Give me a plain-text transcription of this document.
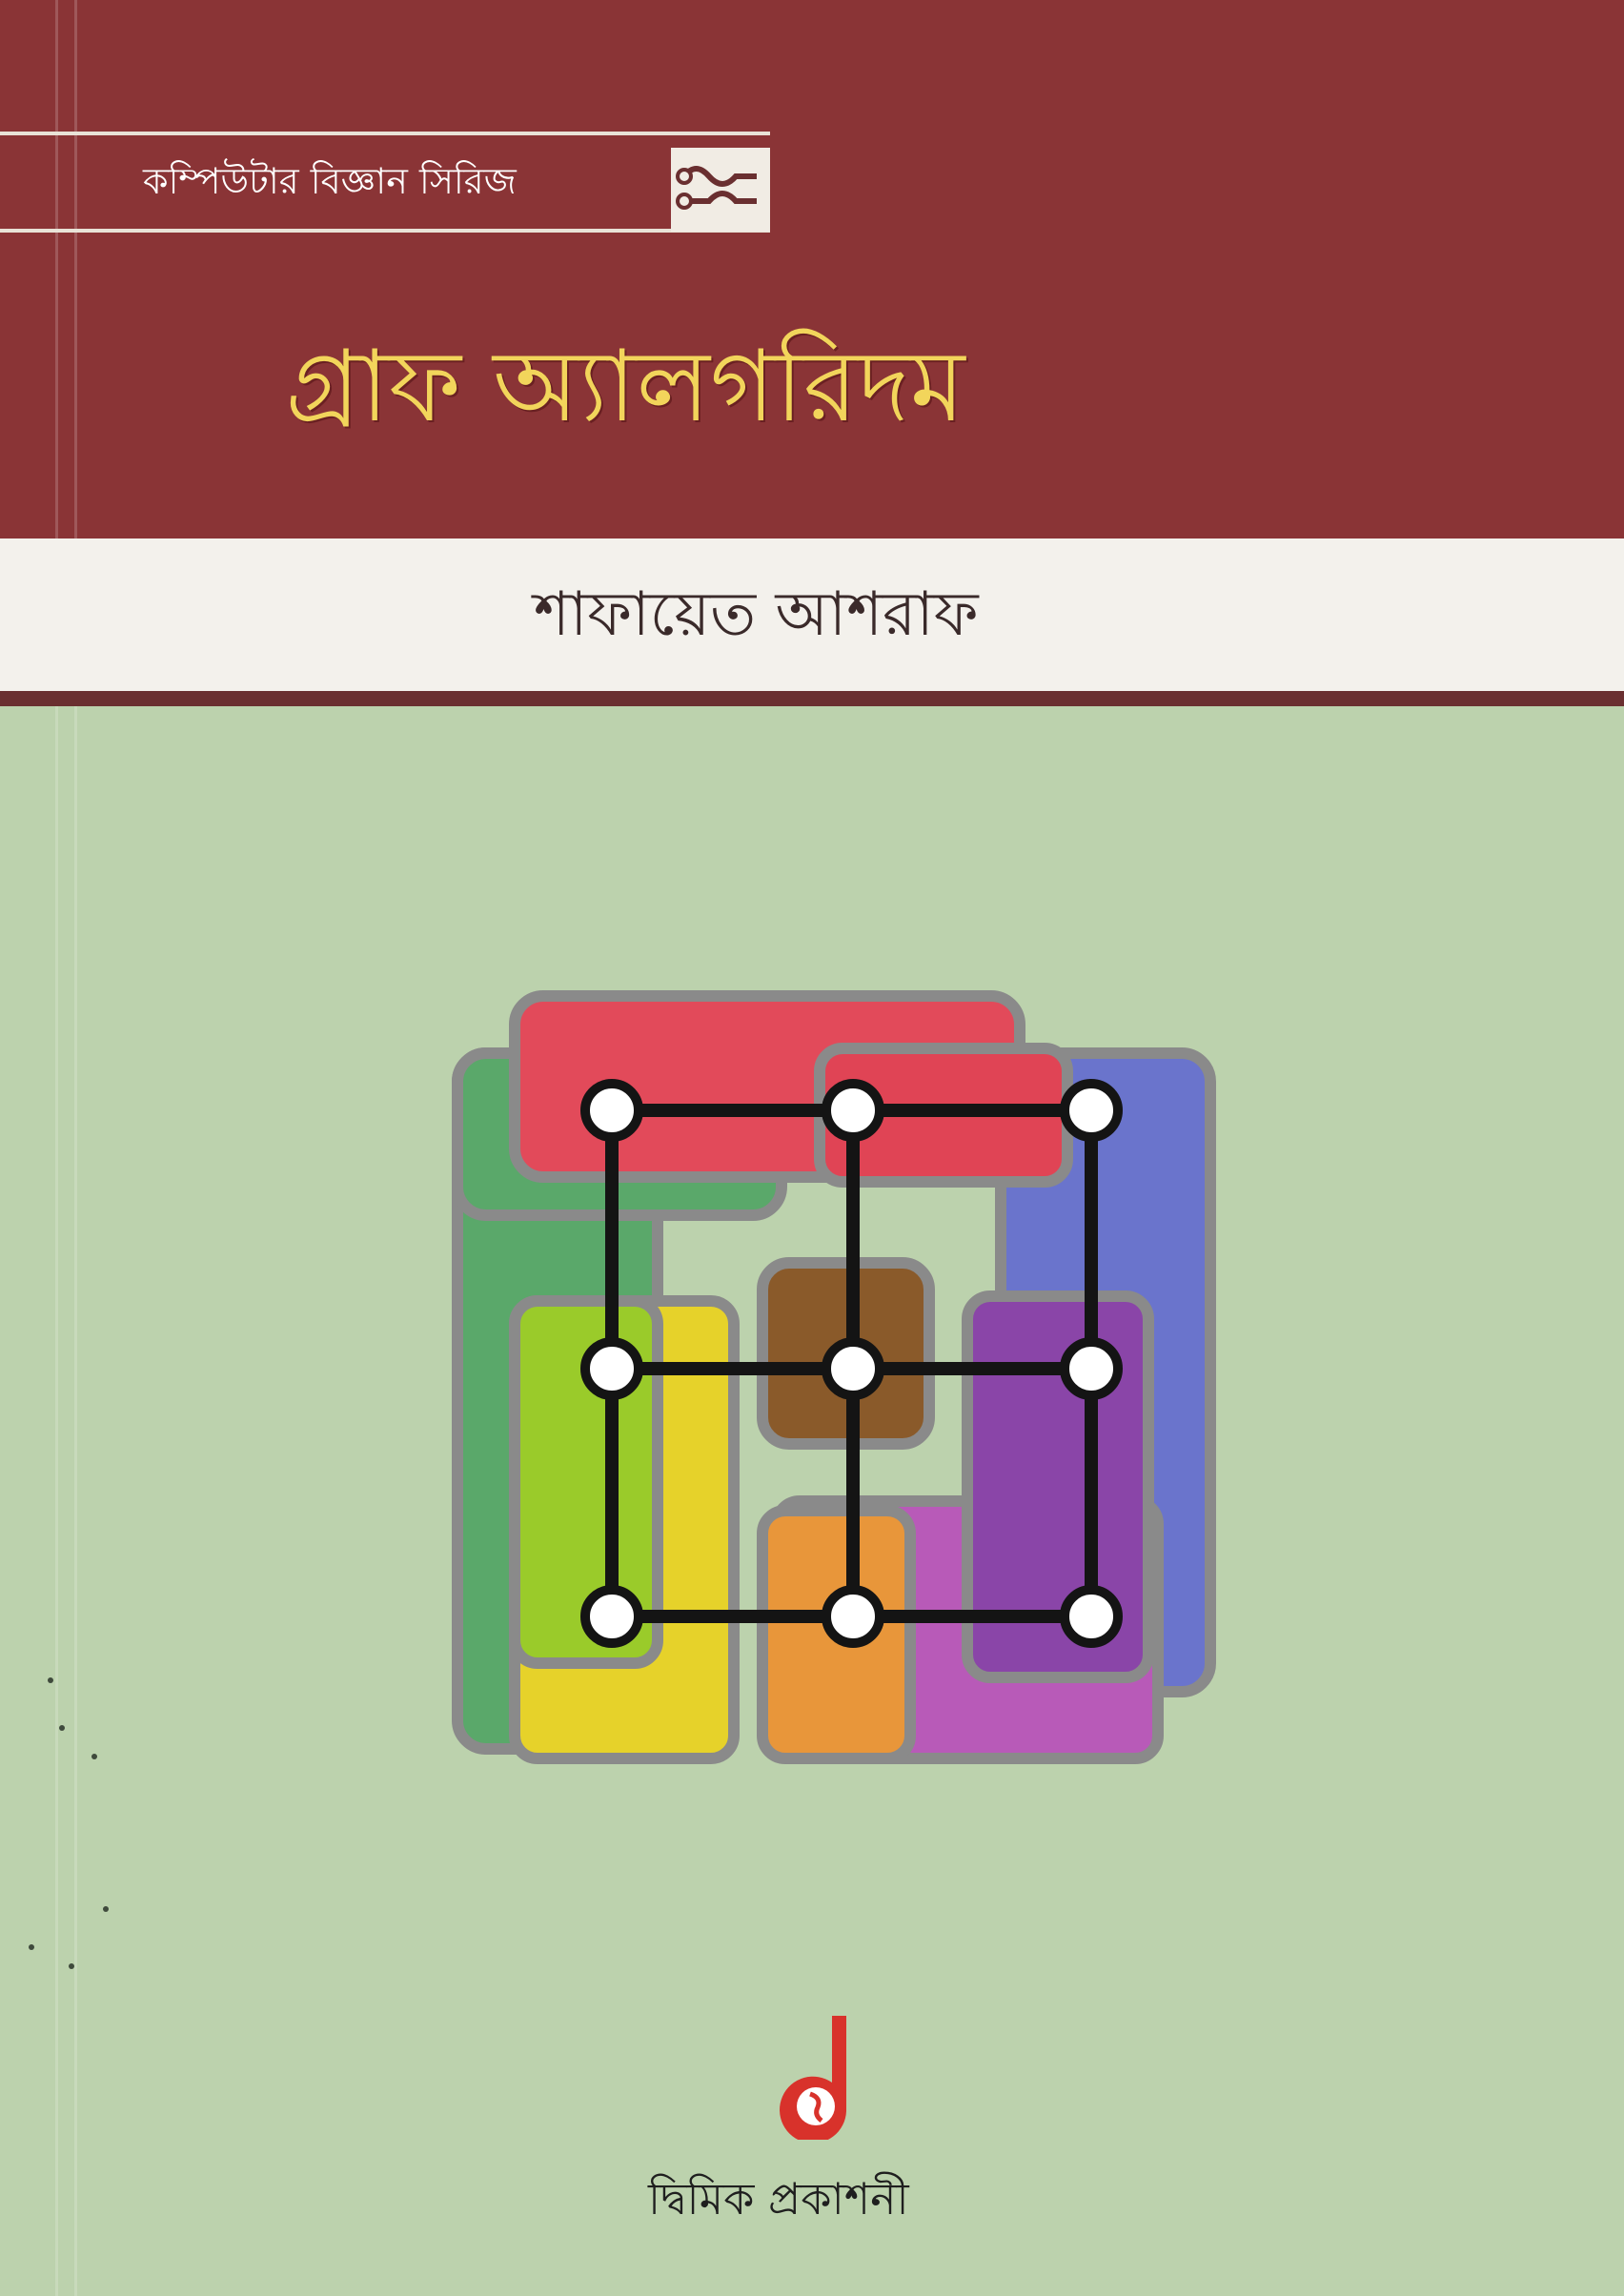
কম্পিউটার বিজ্ঞান সিরিজ
গ্রাফ অ্যালগরিদম
শাফায়েত আশরাফ
দ্বিমিক প্রকাশনী
